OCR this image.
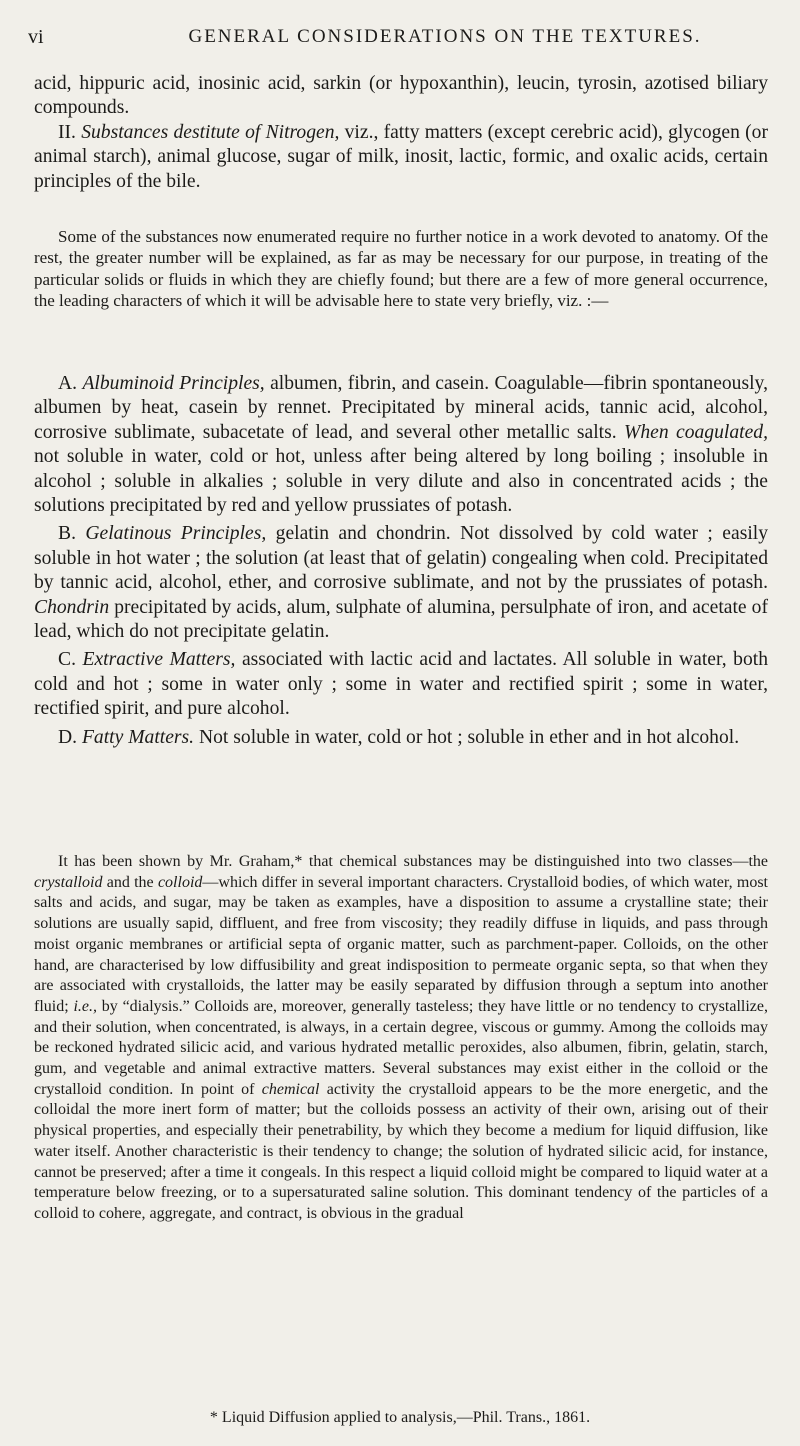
vi	GENERAL CONSIDERATIONS ON THE TEXTURES.

acid, hippuric acid, inosinic acid, sarkin (or hypoxanthin), leucin, tyrosin, azotised biliary compounds.

II. Substances destitute of Nitrogen, viz., fatty matters (except cerebric acid), glycogen (or animal starch), animal glucose, sugar of milk, inosit, lactic, formic, and oxalic acids, certain principles of the bile.

Some of the substances now enumerated require no further notice in a work devoted to anatomy. Of the rest, the greater number will be explained, as far as may be necessary for our purpose, in treating of the particular solids or fluids in which they are chiefly found; but there are a few of more general occurrence, the leading characters of which it will be advisable here to state very briefly, viz. :—

A. Albuminoid Principles, albumen, fibrin, and casein. Coagulable—fibrin spontaneously, albumen by heat, casein by rennet. Precipitated by mineral acids, tannic acid, alcohol, corrosive sublimate, subacetate of lead, and several other metallic salts. When coagulated, not soluble in water, cold or hot, unless after being altered by long boiling ; insoluble in alcohol ; soluble in alkalies ; soluble in very dilute and also in concentrated acids ; the solutions precipitated by red and yellow prussiates of potash.

B. Gelatinous Principles, gelatin and chondrin. Not dissolved by cold water ; easily soluble in hot water ; the solution (at least that of gelatin) congealing when cold. Precipitated by tannic acid, alcohol, ether, and corrosive sublimate, and not by the prussiates of potash. Chondrin precipitated by acids, alum, sulphate of alumina, persulphate of iron, and acetate of lead, which do not precipitate gelatin.

C. Extractive Matters, associated with lactic acid and lactates. All soluble in water, both cold and hot ; some in water only ; some in water and rectified spirit ; some in water, rectified spirit, and pure alcohol.

D. Fatty Matters. Not soluble in water, cold or hot ; soluble in ether and in hot alcohol.

It has been shown by Mr. Graham,* that chemical substances may be distinguished into two classes—the crystalloid and the colloid—which differ in several important characters. Crystalloid bodies, of which water, most salts and acids, and sugar, may be taken as examples, have a disposition to assume a crystalline state; their solutions are usually sapid, diffluent, and free from viscosity; they readily diffuse in liquids, and pass through moist organic membranes or artificial septa of organic matter, such as parchment-paper. Colloids, on the other hand, are characterised by low diffusibility and great indisposition to permeate organic septa, so that when they are associated with crystalloids, the latter may be easily separated by diffusion through a septum into another fluid; i.e., by “dialysis.” Colloids are, moreover, generally tasteless; they have little or no tendency to crystallize, and their solution, when concentrated, is always, in a certain degree, viscous or gummy. Among the colloids may be reckoned hydrated silicic acid, and various hydrated metallic peroxides, also albumen, fibrin, gelatin, starch, gum, and vegetable and animal extractive matters. Several substances may exist either in the colloid or the crystalloid condition. In point of chemical activity the crystalloid appears to be the more energetic, and the colloidal the more inert form of matter; but the colloids possess an activity of their own, arising out of their physical properties, and especially their penetrability, by which they become a medium for liquid diffusion, like water itself. Another characteristic is their tendency to change; the solution of hydrated silicic acid, for instance, cannot be preserved; after a time it congeals. In this respect a liquid colloid might be compared to liquid water at a temperature below freezing, or to a supersaturated saline solution. This dominant tendency of the particles of a colloid to cohere, aggregate, and contract, is obvious in the gradual

* Liquid Diffusion applied to analysis,—Phil. Trans., 1861.
